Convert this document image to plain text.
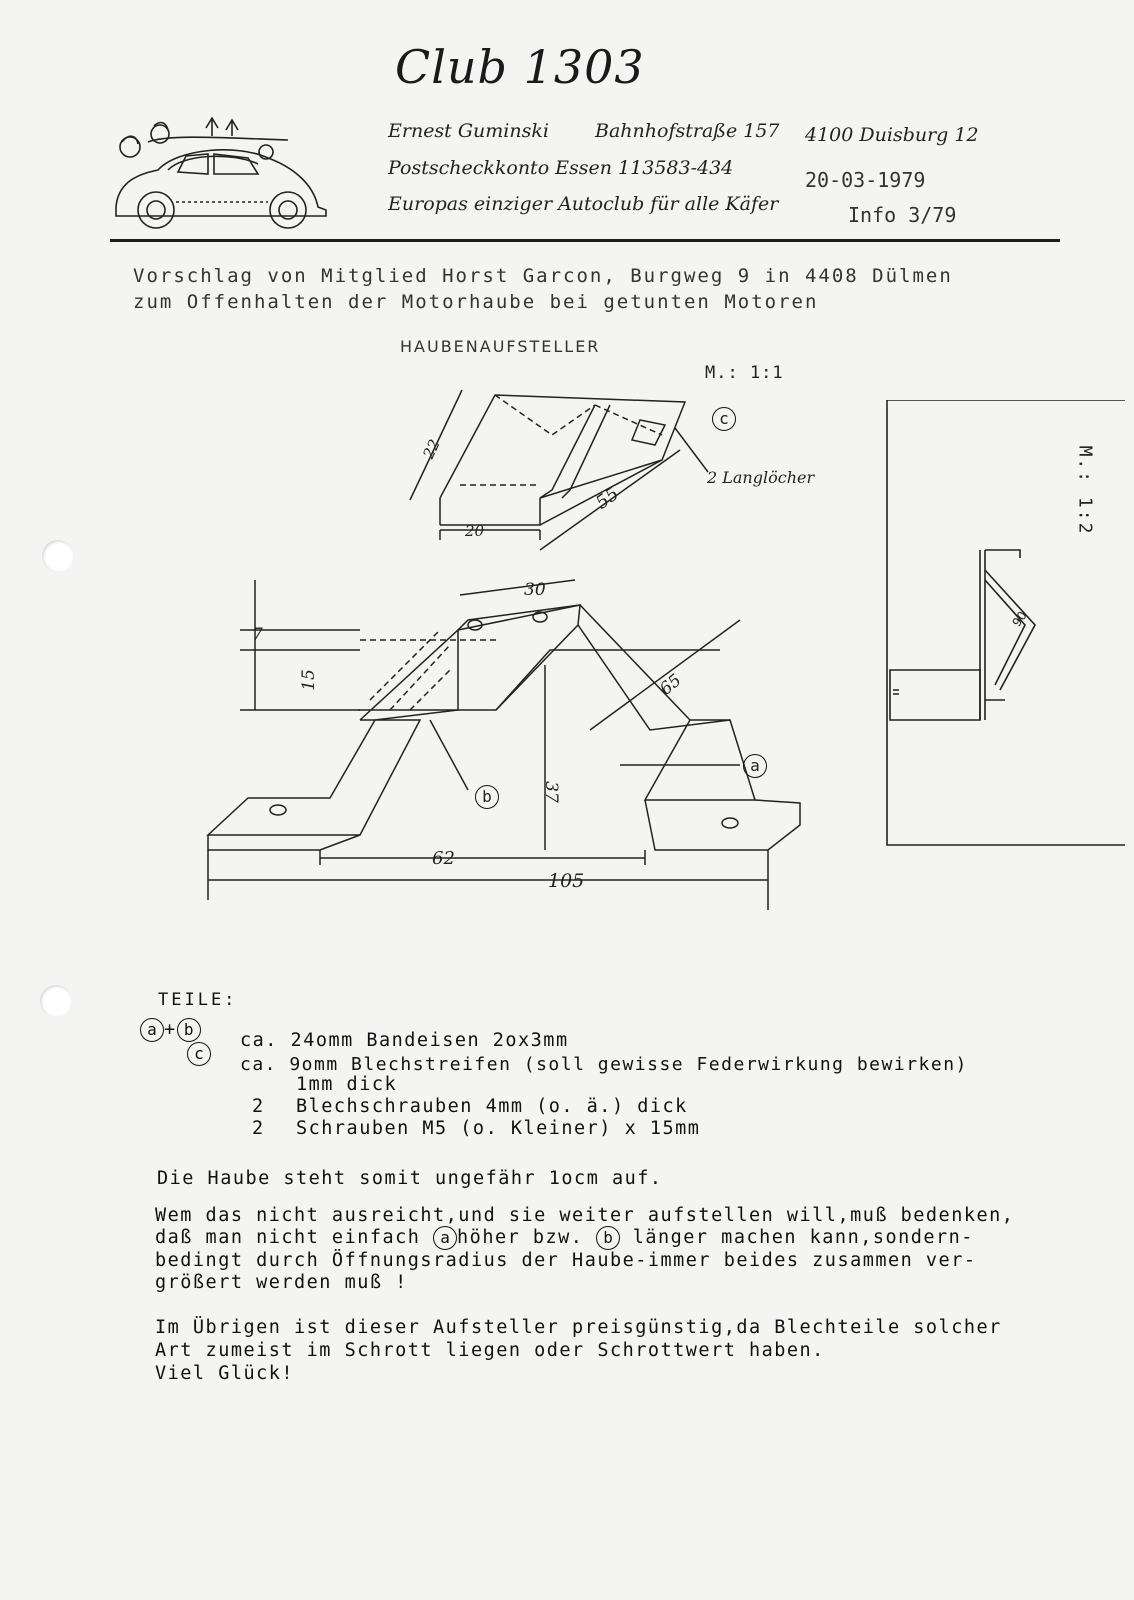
Club 1303
Ernest Guminski Bahnhofstraße 157 4100 Duisburg 12
Postscheckkonto Essen 113583-434	20-03-1979
Europas einziger Autoclub für alle Käfer	Info 3/79
Vorschlag von Mitglied Horst Garcon, Burgweg 9 in 4408 Dülmen
zum Offenhalten der Motorhaube bei getunten Motoren
HAUBENAUFSTELLER
M.: 1:1
22
20
55
c
2 Langlöcher
30
7
15	65
37
62
105
a
b
90
M.: 1:2
TEILE:
a + b
ca. 24omm Bandeisen 2ox3mm
c
ca. 9omm Blechstreifen (soll gewisse Federwirkung bewirken)
1mm dick
2 Blechschrauben 4mm (o. ä.) dick
2 Schrauben M5 (o. Kleiner) x 15mm
Die Haube steht somit ungefähr 1ocm auf.
Wem das nicht ausreicht,und sie weiter aufstellen will,muß bedenken,
daß man nicht einfach a höher bzw. b länger machen kann,sondern-
bedingt durch Öffnungsradius der Haube-immer beides zusammen ver-
größert werden muß !
Im Übrigen ist dieser Aufsteller preisgünstig,da Blechteile solcher
Art zumeist im Schrott liegen oder Schrottwert haben.
Viel Glück!
